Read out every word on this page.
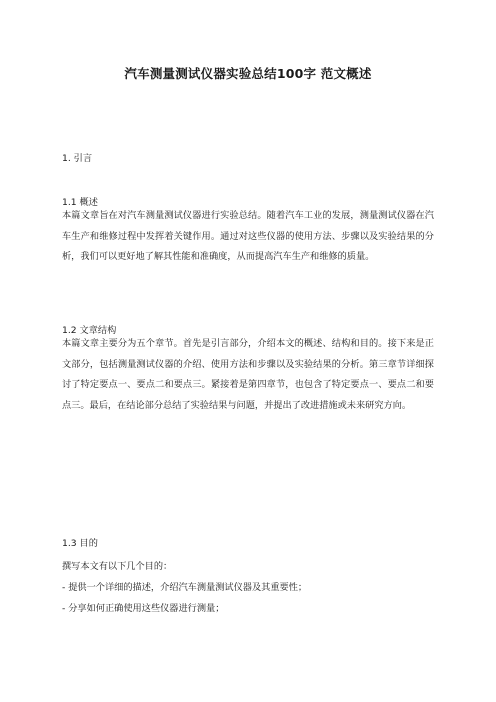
汽车测量测试仪器实验总结100字 范文概述
1. 引言
1.1 概述
本篇文章旨在对汽车测量测试仪器进行实验总结。随着汽车工业的发展，测量测试仪器在汽车生产和维修过程中发挥着关键作用。通过对这些仪器的使用方法、步骤以及实验结果的分析，我们可以更好地了解其性能和准确度，从而提高汽车生产和维修的质量。
1.2 文章结构
本篇文章主要分为五个章节。首先是引言部分，介绍本文的概述、结构和目的。接下来是正文部分，包括测量测试仪器的介绍、使用方法和步骤以及实验结果的分析。第三章节详细探讨了特定要点一、要点二和要点三。紧接着是第四章节，也包含了特定要点一、要点二和要点三。最后，在结论部分总结了实验结果与问题，并提出了改进措施或未来研究方向。
1.3 目的
撰写本文有以下几个目的：
- 提供一个详细的描述，介绍汽车测量测试仪器及其重要性；
- 分享如何正确使用这些仪器进行测量；
